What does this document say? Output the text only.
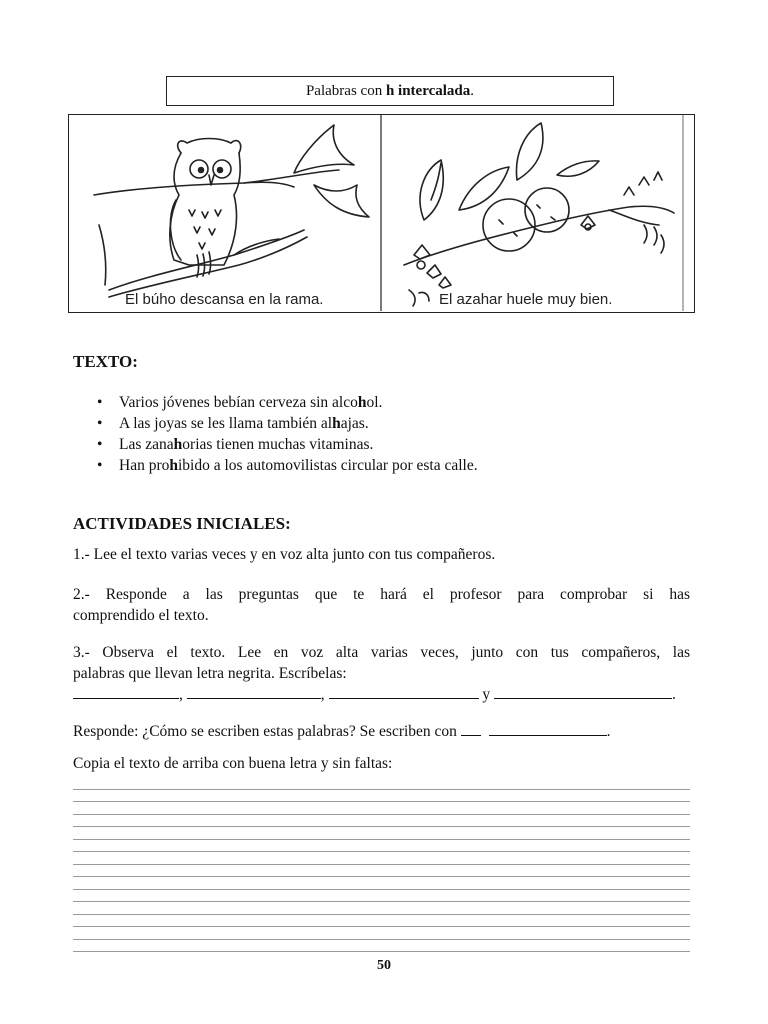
Palabras con h intercalada.
El búho descansa en la rama.	El azahar huele muy bien.
TEXTO:
• Varios jóvenes bebían cerveza sin alcohol.
• A las joyas se les llama también alhajas.
• Las zanahorias tienen muchas vitaminas.
• Han prohibido a los automovilistas circular por esta calle.
ACTIVIDADES INICIALES:
1.- Lee el texto varias veces y en voz alta junto con tus compañeros.
2.- Responde a las preguntas que te hará el profesor para comprobar si has
comprendido el texto.
3.- Observa el texto. Lee en voz alta varias veces, junto con tus compañeros, las
palabras que llevan letra negrita. Escríbelas:
,	,	y	.
Responde: ¿Cómo se escriben estas palabras? Se escriben con	.
Copia el texto de arriba con buena letra y sin faltas:
50
